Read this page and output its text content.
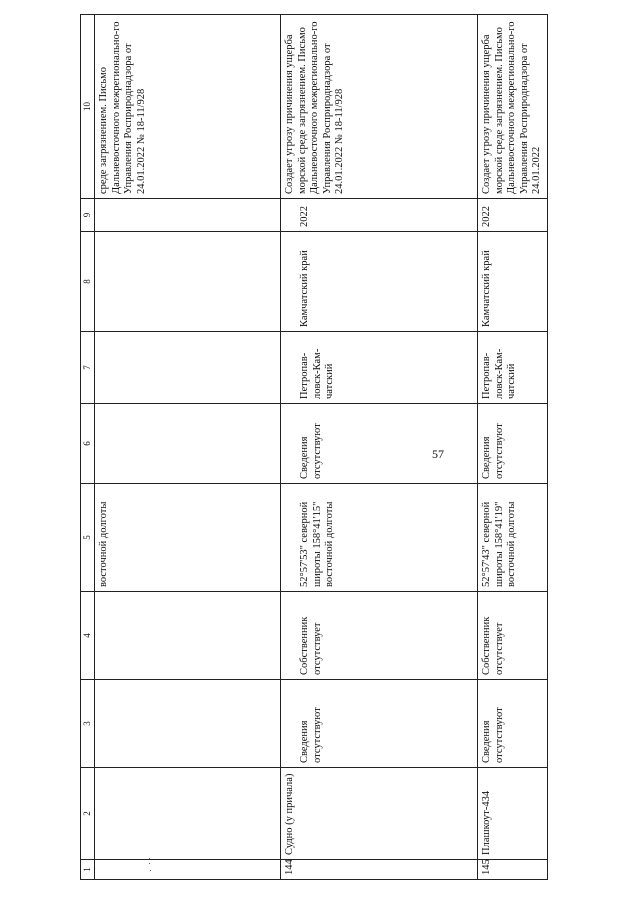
57
1	2	3	4	5	6	7	8	9	10

				восточной долготы					среде загрязнением. Письмо Дальневосточного межрегионально-го Управления Росприроднадзора от 24.01.2022 № 18-11/928

144	Судно (у причала)	Сведения отсутствуют	Собственник отсутствует	52°57'53" северной широты 158°41'15" восточной долготы	Сведения отсутствуют	Петропав-ловск-Кам-чатский	Камчатский край	2022	Создает угрозу причинения ущерба морской среде загрязнением. Письмо Дальневосточного межрегионально-го Управления Росприроднадзора от 24.01.2022 № 18-11/928

145	Плашкоут-434	Сведения отсутствуют	Собственник отсутствует	52°57'43" северной широты 158°41'19" восточной долготы	Сведения отсутствуют	Петропав-ловск-Кам-чатский	Камчатский край	2022	Создает угрозу причинения ущерба морской среде загрязнением. Письмо Дальневосточного межрегионально-го Управления Росприроднадзора от 24.01.2022
